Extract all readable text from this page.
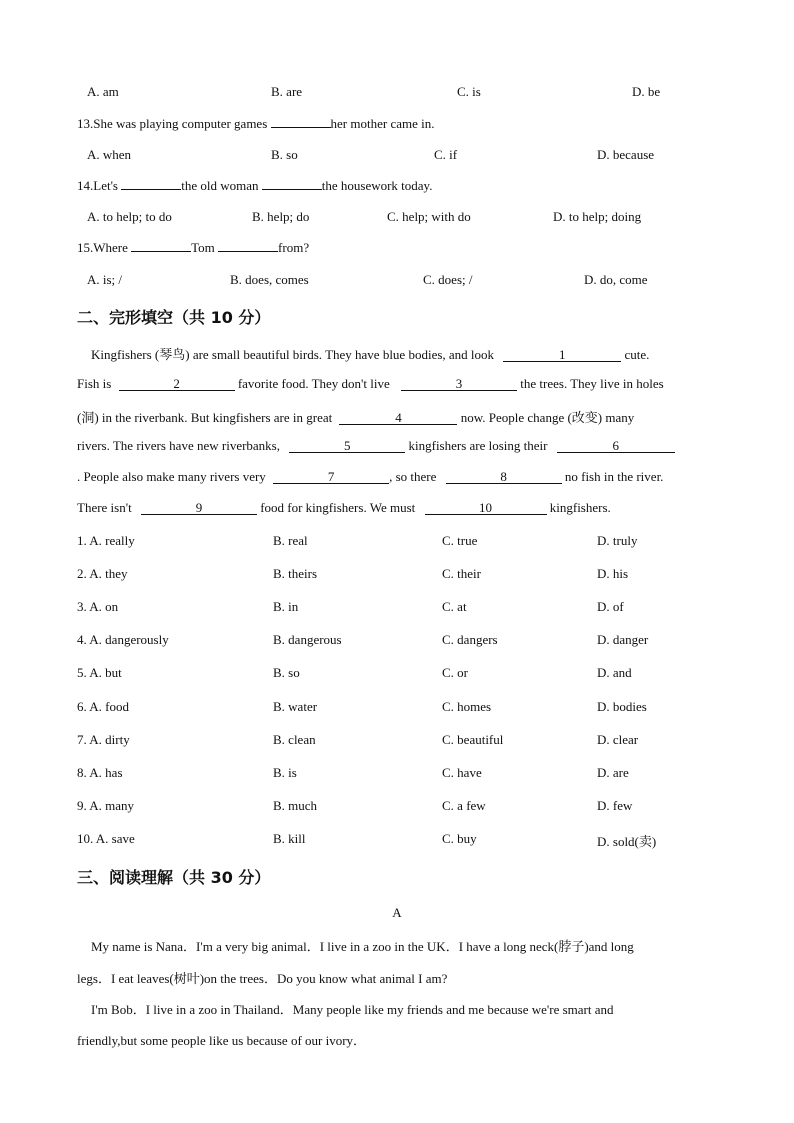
A. am	B. are	C. is	D. be
13.She was playing computer games	her mother came in.
A. when	B. so	C. if	D. because
14.Let's	the old woman	the housework today.
A. to help; to do	B. help; do	C. help; with do	D. to help; doing
15.Where	Tom	from?
A. is; /	B. does, comes	C. does; /	D. do, come
二、完形填空（共 10 分）
Kingfishers (琴鸟) are small beautiful birds. They have blue bodies, and look	1	cute.
Fish is	2	favorite food. They don't live	3	the trees. They live in holes
(洞) in the riverbank. But kingfishers are in great	4	now. People change (改变) many
rivers. The rivers have new riverbanks,	5	kingfishers are losing their	6
. People also make many rivers very	7	, so there	8	no fish in the river.
There isn't	9	food for kingfishers. We must	10	kingfishers.
1. A. really	B. real	C. true	D. truly
2. A. they	B. theirs	C. their	D. his
3. A. on	B. in	C. at	D. of
4. A. dangerously	B. dangerous	C. dangers	D. danger
5. A. but	B. so	C. or	D. and
6. A. food	B. water	C. homes	D. bodies
7. A. dirty	B. clean	C. beautiful	D. clear
8. A. has	B. is	C. have	D. are
9. A. many	B. much	C. a few	D. few
10. A. save	B. kill	C. buy	D. sold(卖)
三、阅读理解（共 30 分）
A
My name is Nana．I'm a very big animal．I live in a zoo in the UK．I have a long neck(脖子)and long
legs．I eat leaves(树叶)on the trees．Do you know what animal I am?
I'm Bob．I live in a zoo in Thailand．Many people like my friends and me because we're smart and
friendly,but some people like us because of our ivory．
